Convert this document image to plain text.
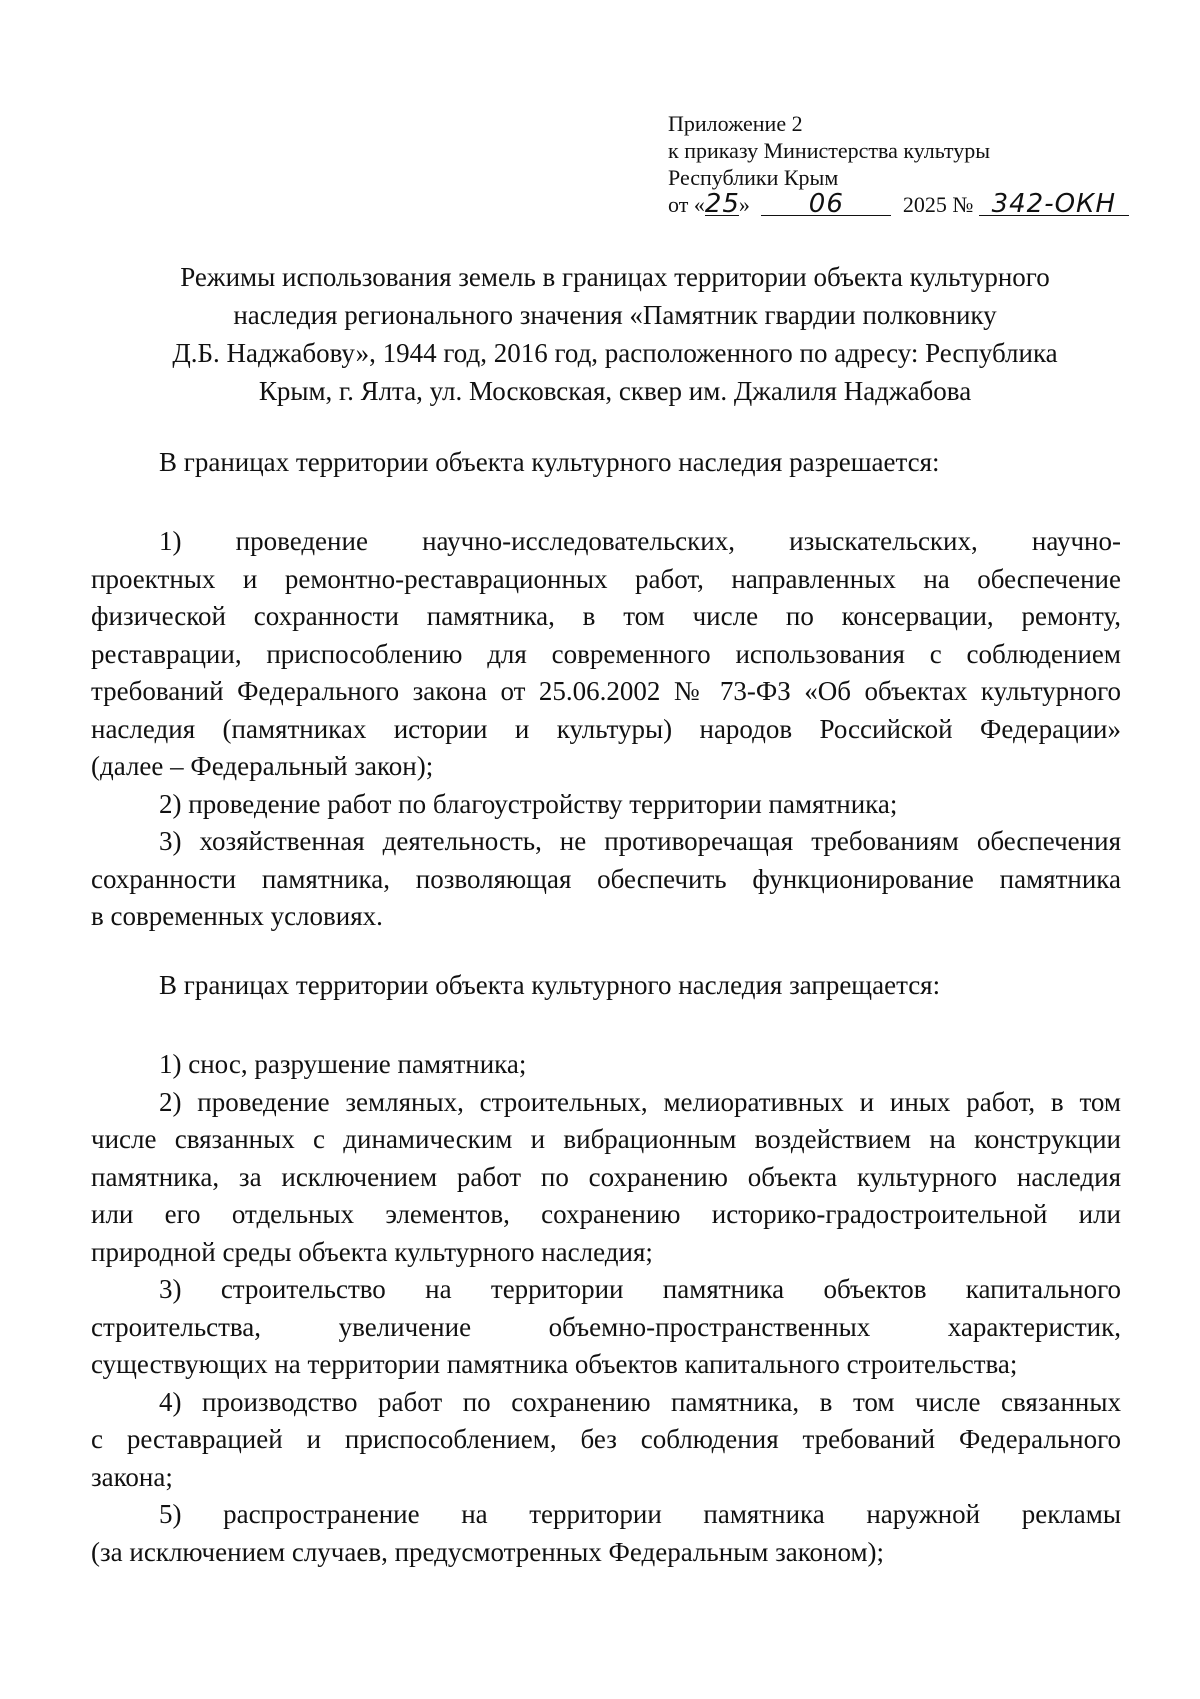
Приложение 2
к приказу Министерства культуры
Республики Крым
от «25» 06	2025 № 342-ОКН
Режимы использования земель в границах территории объекта культурного
наследия регионального значения «Памятник гвардии полковнику
Д.Б. Наджабову», 1944 год, 2016 год, расположенного по адресу: Республика
Крым, г. Ялта, ул. Московская, сквер им. Джалиля Наджабова
В границах территории объекта культурного наследия разрешается:
1) проведение научно-исследовательских, изыскательских, научно-
проектных и ремонтно-реставрационных работ, направленных на обеспечение
физической сохранности памятника, в том числе по консервации, ремонту,
реставрации, приспособлению для современного использования с соблюдением
требований Федерального закона от 25.06.2002 № 73-ФЗ «Об объектах культурного
наследия (памятниках истории и культуры) народов Российской Федерации»
(далее – Федеральный закон);
2) проведение работ по благоустройству территории памятника;
3) хозяйственная деятельность, не противоречащая требованиям обеспечения
сохранности памятника, позволяющая обеспечить функционирование памятника
в современных условиях.
В границах территории объекта культурного наследия запрещается:
1) снос, разрушение памятника;
2) проведение земляных, строительных, мелиоративных и иных работ, в том
числе связанных с динамическим и вибрационным воздействием на конструкции
памятника, за исключением работ по сохранению объекта культурного наследия
или его отдельных элементов, сохранению историко-градостроительной или
природной среды объекта культурного наследия;
3) строительство на территории памятника объектов капитального
строительства, увеличение объемно-пространственных характеристик,
существующих на территории памятника объектов капитального строительства;
4) производство работ по сохранению памятника, в том числе связанных
с реставрацией и приспособлением, без соблюдения требований Федерального
закона;
5) распространение на территории памятника наружной рекламы
(за исключением случаев, предусмотренных Федеральным законом);
